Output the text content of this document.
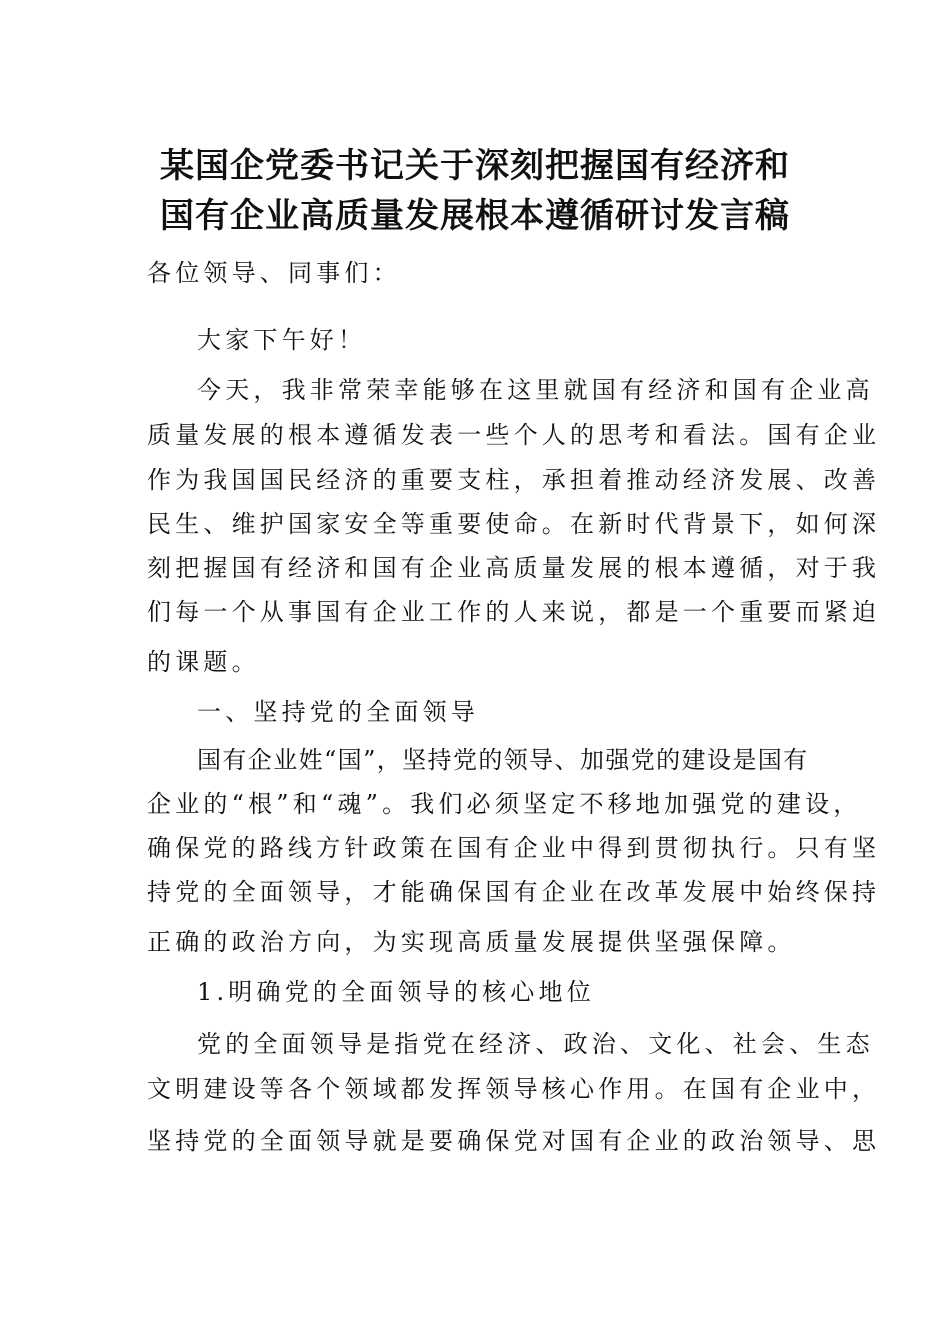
某国企党委书记关于深刻把握国有经济和
国有企业高质量发展根本遵循研讨发言稿
各位领导、同事们：
大家下午好！
今天，我非常荣幸能够在这里就国有经济和国有企业高
质量发展的根本遵循发表一些个人的思考和看法。国有企业
作为我国国民经济的重要支柱，承担着推动经济发展、改善
民生、维护国家安全等重要使命。在新时代背景下，如何深
刻把握国有经济和国有企业高质量发展的根本遵循，对于我
们每一个从事国有企业工作的人来说，都是一个重要而紧迫
的课题。
一、坚持党的全面领导
国有企业姓“国”，坚持党的领导、加强党的建设是国有
企业的“根”和“魂”。我们必须坚定不移地加强党的建设，
确保党的路线方针政策在国有企业中得到贯彻执行。只有坚
持党的全面领导，才能确保国有企业在改革发展中始终保持
正确的政治方向，为实现高质量发展提供坚强保障。
1.明确党的全面领导的核心地位
党的全面领导是指党在经济、政治、文化、社会、生态
文明建设等各个领域都发挥领导核心作用。在国有企业中，
坚持党的全面领导就是要确保党对国有企业的政治领导、思
